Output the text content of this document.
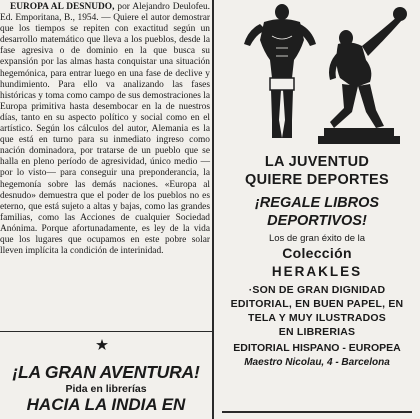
EUROPA AL DESNUDO, por Alejandro Deulofeu. Ed. Emporitana, B., 1954. — Quiere el autor demostrar que los tiempos se repiten con exactitud según un desarrollo matemático que lleva a los pueblos, desde la fase agresiva o de dominio en la que busca su expansión por las almas hasta conquistar una situación hegemónica, para entrar luego en una fase de declive y hundimiento. Para ello va analizando las fases históricas y toma como campo de sus demostraciones la Europa primitiva hasta desembocar en la de nuestros días, tanto en su aspecto político y social como en el artístico. Según los cálculos del autor, Alemania es la que está en turno para su inmediato ingreso como nación dominadora, por tratarse de un pueblo que se halla en pleno período de agresividad, único medio — por lo visto— para conseguir una preponderancia, la hegemonía sobre las demás naciones. «Europa al desnudo» demuestra que el poder de los pueblos no es eterno, que está sujeto a altas y bajas, como las grandes familias, como las Acciones de cualquier Sociedad Anónima. Porque afortunadamente, es ley de la vida que los lugares que ocupamos en este pobre solar lleven implícita la condición de interinidad.
¡LA GRAN AVENTURA!
Pida en librerías
HACIA LA INDIA EN
LA JUVENTUD
QUIERE DEPORTES
¡REGALE LIBROS
DEPORTIVOS!
Los de gran éxito de la
Colección
HERAKLES
·SON DE GRAN DIGNIDAD
EDITORIAL, EN BUEN PAPEL, EN
TELA Y MUY ILUSTRADOS
EN LIBRERIAS
EDITORIAL HISPANO - EUROPEA
Maestro Nicolau, 4 - Barcelona
